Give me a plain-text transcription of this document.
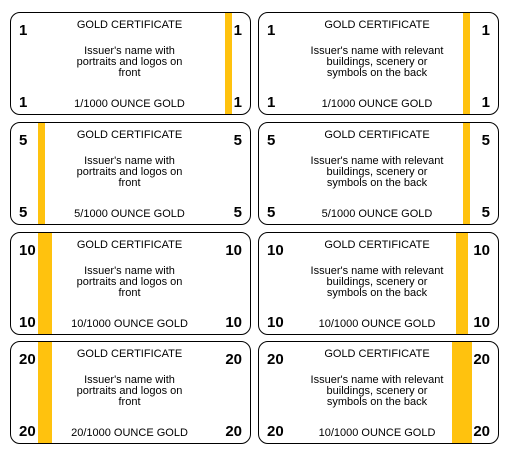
1	1
1	1
GOLD CERTIFICATE
Issuer's name with portraits and logos on front
1/1000 OUNCE GOLD
1	1
1	1
GOLD CERTIFICATE
Issuer's name with relevant buildings, scenery or symbols on the back
1/1000 OUNCE GOLD
5	5
5	5
GOLD CERTIFICATE
Issuer's name with portraits and logos on front
5/1000 OUNCE GOLD
5	5
5	5
GOLD CERTIFICATE
Issuer's name with relevant buildings, scenery or symbols on the back
5/1000 OUNCE GOLD
10	10
10	10
GOLD CERTIFICATE
Issuer's name with portraits and logos on front
10/1000 OUNCE GOLD
10	10
10	10
GOLD CERTIFICATE
Issuer's name with relevant buildings, scenery or symbols on the back
10/1000 OUNCE GOLD
20	20
20	20
GOLD CERTIFICATE
Issuer's name with portraits and logos on front
20/1000 OUNCE GOLD
20	20
20	20
GOLD CERTIFICATE
Issuer's name with relevant buildings, scenery or symbols on the back
10/1000 OUNCE GOLD
